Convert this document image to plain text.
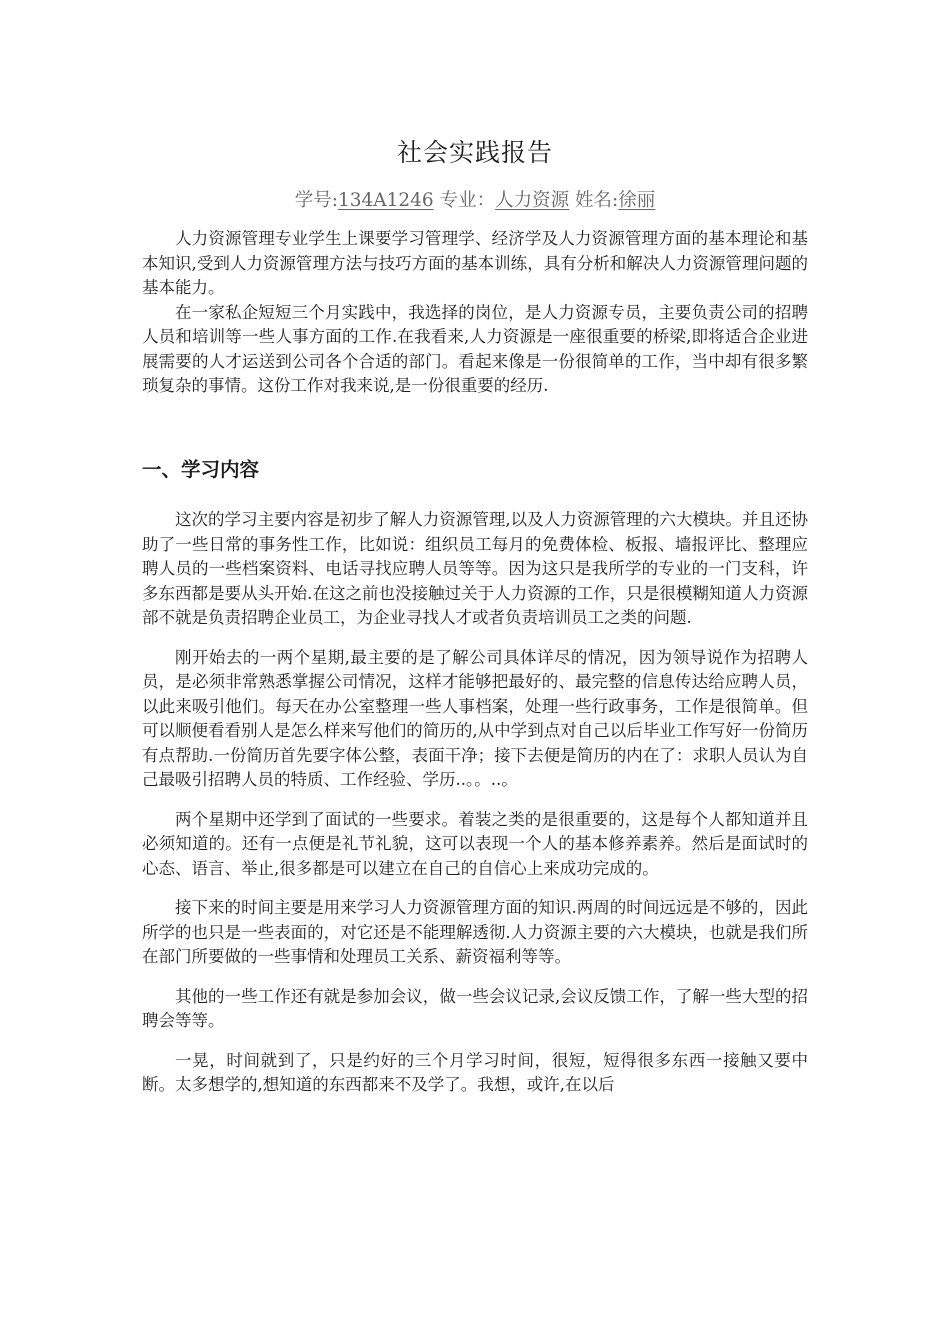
社会实践报告
学号:134A1246 专业：人力资源 姓名:徐丽

人力资源管理专业学生上课要学习管理学、经济学及人力资源管理方面的基本理论和基本知识,受到人力资源管理方法与技巧方面的基本训练，具有分析和解决人力资源管理问题的基本能力。

在一家私企短短三个月实践中，我选择的岗位，是人力资源专员，主要负责公司的招聘人员和培训等一些人事方面的工作.在我看来,人力资源是一座很重要的桥梁,即将适合企业进展需要的人才运送到公司各个合适的部门。看起来像是一份很简单的工作，当中却有很多繁琐复杂的事情。这份工作对我来说,是一份很重要的经历.

一、学习内容

这次的学习主要内容是初步了解人力资源管理,以及人力资源管理的六大模块。并且还协助了一些日常的事务性工作，比如说：组织员工每月的免费体检、板报、墙报评比、整理应聘人员的一些档案资料、电话寻找应聘人员等等。因为这只是我所学的专业的一门支科，许多东西都是要从头开始.在这之前也没接触过关于人力资源的工作，只是很模糊知道人力资源部不就是负责招聘企业员工，为企业寻找人才或者负责培训员工之类的问题.

刚开始去的一两个星期,最主要的是了解公司具体详尽的情况，因为领导说作为招聘人员，是必须非常熟悉掌握公司情况，这样才能够把最好的、最完整的信息传达给应聘人员，以此来吸引他们。每天在办公室整理一些人事档案，处理一些行政事务，工作是很简单。但可以顺便看看别人是怎么样来写他们的简历的,从中学到点对自己以后毕业工作写好一份简历有点帮助.一份简历首先要字体公整，表面干净；接下去便是简历的内在了：求职人员认为自己最吸引招聘人员的特质、工作经验、学历..。。..。

两个星期中还学到了面试的一些要求。着装之类的是很重要的，这是每个人都知道并且必须知道的。还有一点便是礼节礼貌，这可以表现一个人的基本修养素养。然后是面试时的心态、语言、举止,很多都是可以建立在自己的自信心上来成功完成的。

接下来的时间主要是用来学习人力资源管理方面的知识.两周的时间远远是不够的，因此所学的也只是一些表面的，对它还是不能理解透彻.人力资源主要的六大模块，也就是我们所在部门所要做的一些事情和处理员工关系、薪资福利等等。

其他的一些工作还有就是参加会议，做一些会议记录,会议反馈工作，了解一些大型的招聘会等等。

一晃，时间就到了，只是约好的三个月学习时间，很短，短得很多东西一接触又要中断。太多想学的,想知道的东西都来不及学了。我想，或许,在以后
